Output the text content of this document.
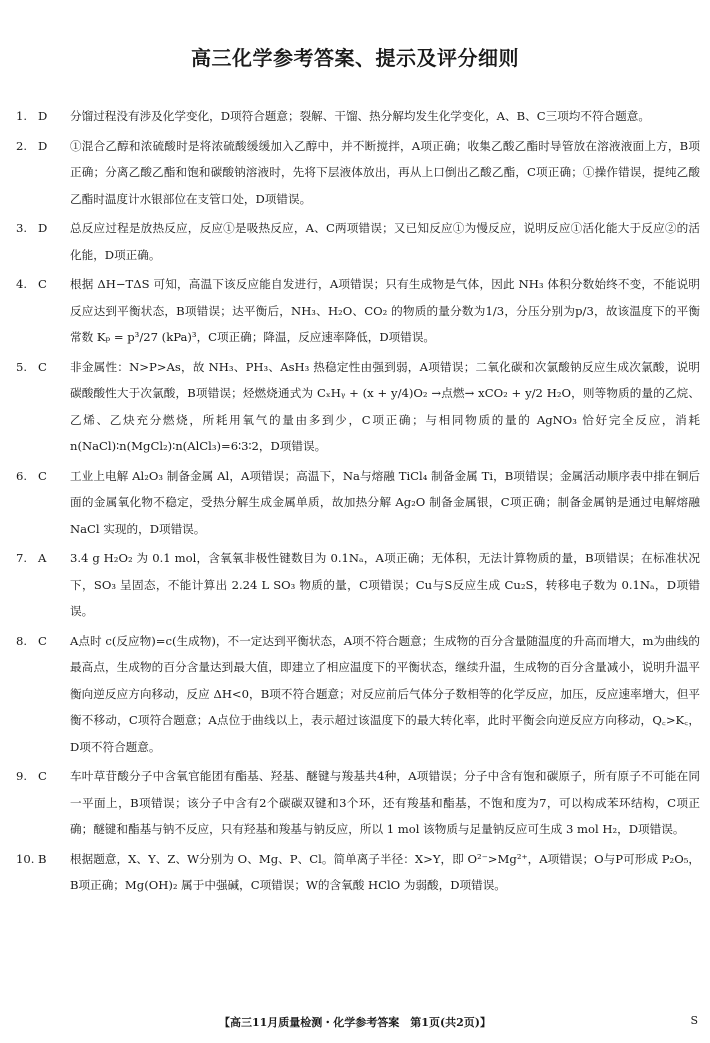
高三化学参考答案、提示及评分细则
1. D	分馏过程没有涉及化学变化，D项符合题意；裂解、干馏、热分解均发生化学变化，A、B、C三项均不符合题意。
2. D	①混合乙醇和浓硫酸时是将浓硫酸缓缓加入乙醇中，并不断搅拌，A项正确；收集乙酸乙酯时导管放在溶液液面上方，B项正确；分离乙酸乙酯和饱和碳酸钠溶液时，先将下层液体放出，再从上口倒出乙酸乙酯，C项正确；①操作错误，提纯乙酸乙酯时温度计水银部位在支管口处，D项错误。
3. D	总反应过程是放热反应，反应①是吸热反应，A、C两项错误；又已知反应①为慢反应，说明反应①活化能大于反应②的活化能，D项正确。
4. C	根据 ΔH−TΔS 可知，高温下该反应能自发进行，A项错误；只有生成物是气体，因此 NH₃ 体积分数始终不变，不能说明反应达到平衡状态，B项错误；达平衡后，NH₃、H₂O、CO₂ 的物质的量分数为1/3，分压分别为p/3，故该温度下的平衡常数 Kₚ = p³/27 (kPa)³，C项正确；降温，反应速率降低，D项错误。
5. C	非金属性：N>P>As，故 NH₃、PH₃、AsH₃ 热稳定性由强到弱，A项错误；二氧化碳和次氯酸钠反应生成次氯酸，说明碳酸酸性大于次氯酸，B项错误；烃燃烧通式为 CₓHᵧ + (x + y/4)O₂ →点燃→ xCO₂ + y/2 H₂O，则等物质的量的乙烷、乙烯、乙炔充分燃烧，所耗用氧气的量由多到少，C项正确；与相同物质的量的 AgNO₃ 恰好完全反应，消耗 n(NaCl)∶n(MgCl₂)∶n(AlCl₃)=6∶3∶2，D项错误。
6. C	工业上电解 Al₂O₃ 制备金属 Al，A项错误；高温下，Na与熔融 TiCl₄ 制备金属 Ti，B项错误；金属活动顺序表中排在铜后面的金属氧化物不稳定，受热分解生成金属单质，故加热分解 Ag₂O 制备金属银，C项正确；制备金属钠是通过电解熔融 NaCl 实现的，D项错误。
7. A	3.4 g H₂O₂ 为 0.1 mol，含氧氧非极性键数目为 0.1Nₐ，A项正确；无体积，无法计算物质的量，B项错误；在标准状况下，SO₃ 呈固态，不能计算出 2.24 L SO₃ 物质的量，C项错误；Cu与S反应生成 Cu₂S，转移电子数为 0.1Nₐ，D项错误。
8. C	A点时 c(反应物)=c(生成物)，不一定达到平衡状态，A项不符合题意；生成物的百分含量随温度的升高而增大，m为曲线的最高点，生成物的百分含量达到最大值，即建立了相应温度下的平衡状态，继续升温，生成物的百分含量减小，说明升温平衡向逆反应方向移动，反应 ΔH<0，B项不符合题意；对反应前后气体分子数相等的化学反应，加压，反应速率增大，但平衡不移动，C项符合题意；A点位于曲线以上，表示超过该温度下的最大转化率，此时平衡会向逆反应方向移动，Q꜀>K꜀，D项不符合题意。
9. C	车叶草苷酸分子中含氧官能团有酯基、羟基、醚键与羧基共4种，A项错误；分子中含有饱和碳原子，所有原子不可能在同一平面上，B项错误；该分子中含有2个碳碳双键和3个环，还有羧基和酯基，不饱和度为7，可以构成苯环结构，C项正确；醚键和酯基与钠不反应，只有羟基和羧基与钠反应，所以 1 mol 该物质与足量钠反应可生成 3 mol H₂，D项错误。
10. B	根据题意，X、Y、Z、W分别为 O、Mg、P、Cl。简单离子半径：X>Y，即 O²⁻>Mg²⁺，A项错误；O与P可形成 P₂O₅，B项正确；Mg(OH)₂ 属于中强碱，C项错误；W的含氧酸 HClO 为弱酸，D项错误。
【高三11月质量检测・化学参考答案　第1页(共2页)】	S
